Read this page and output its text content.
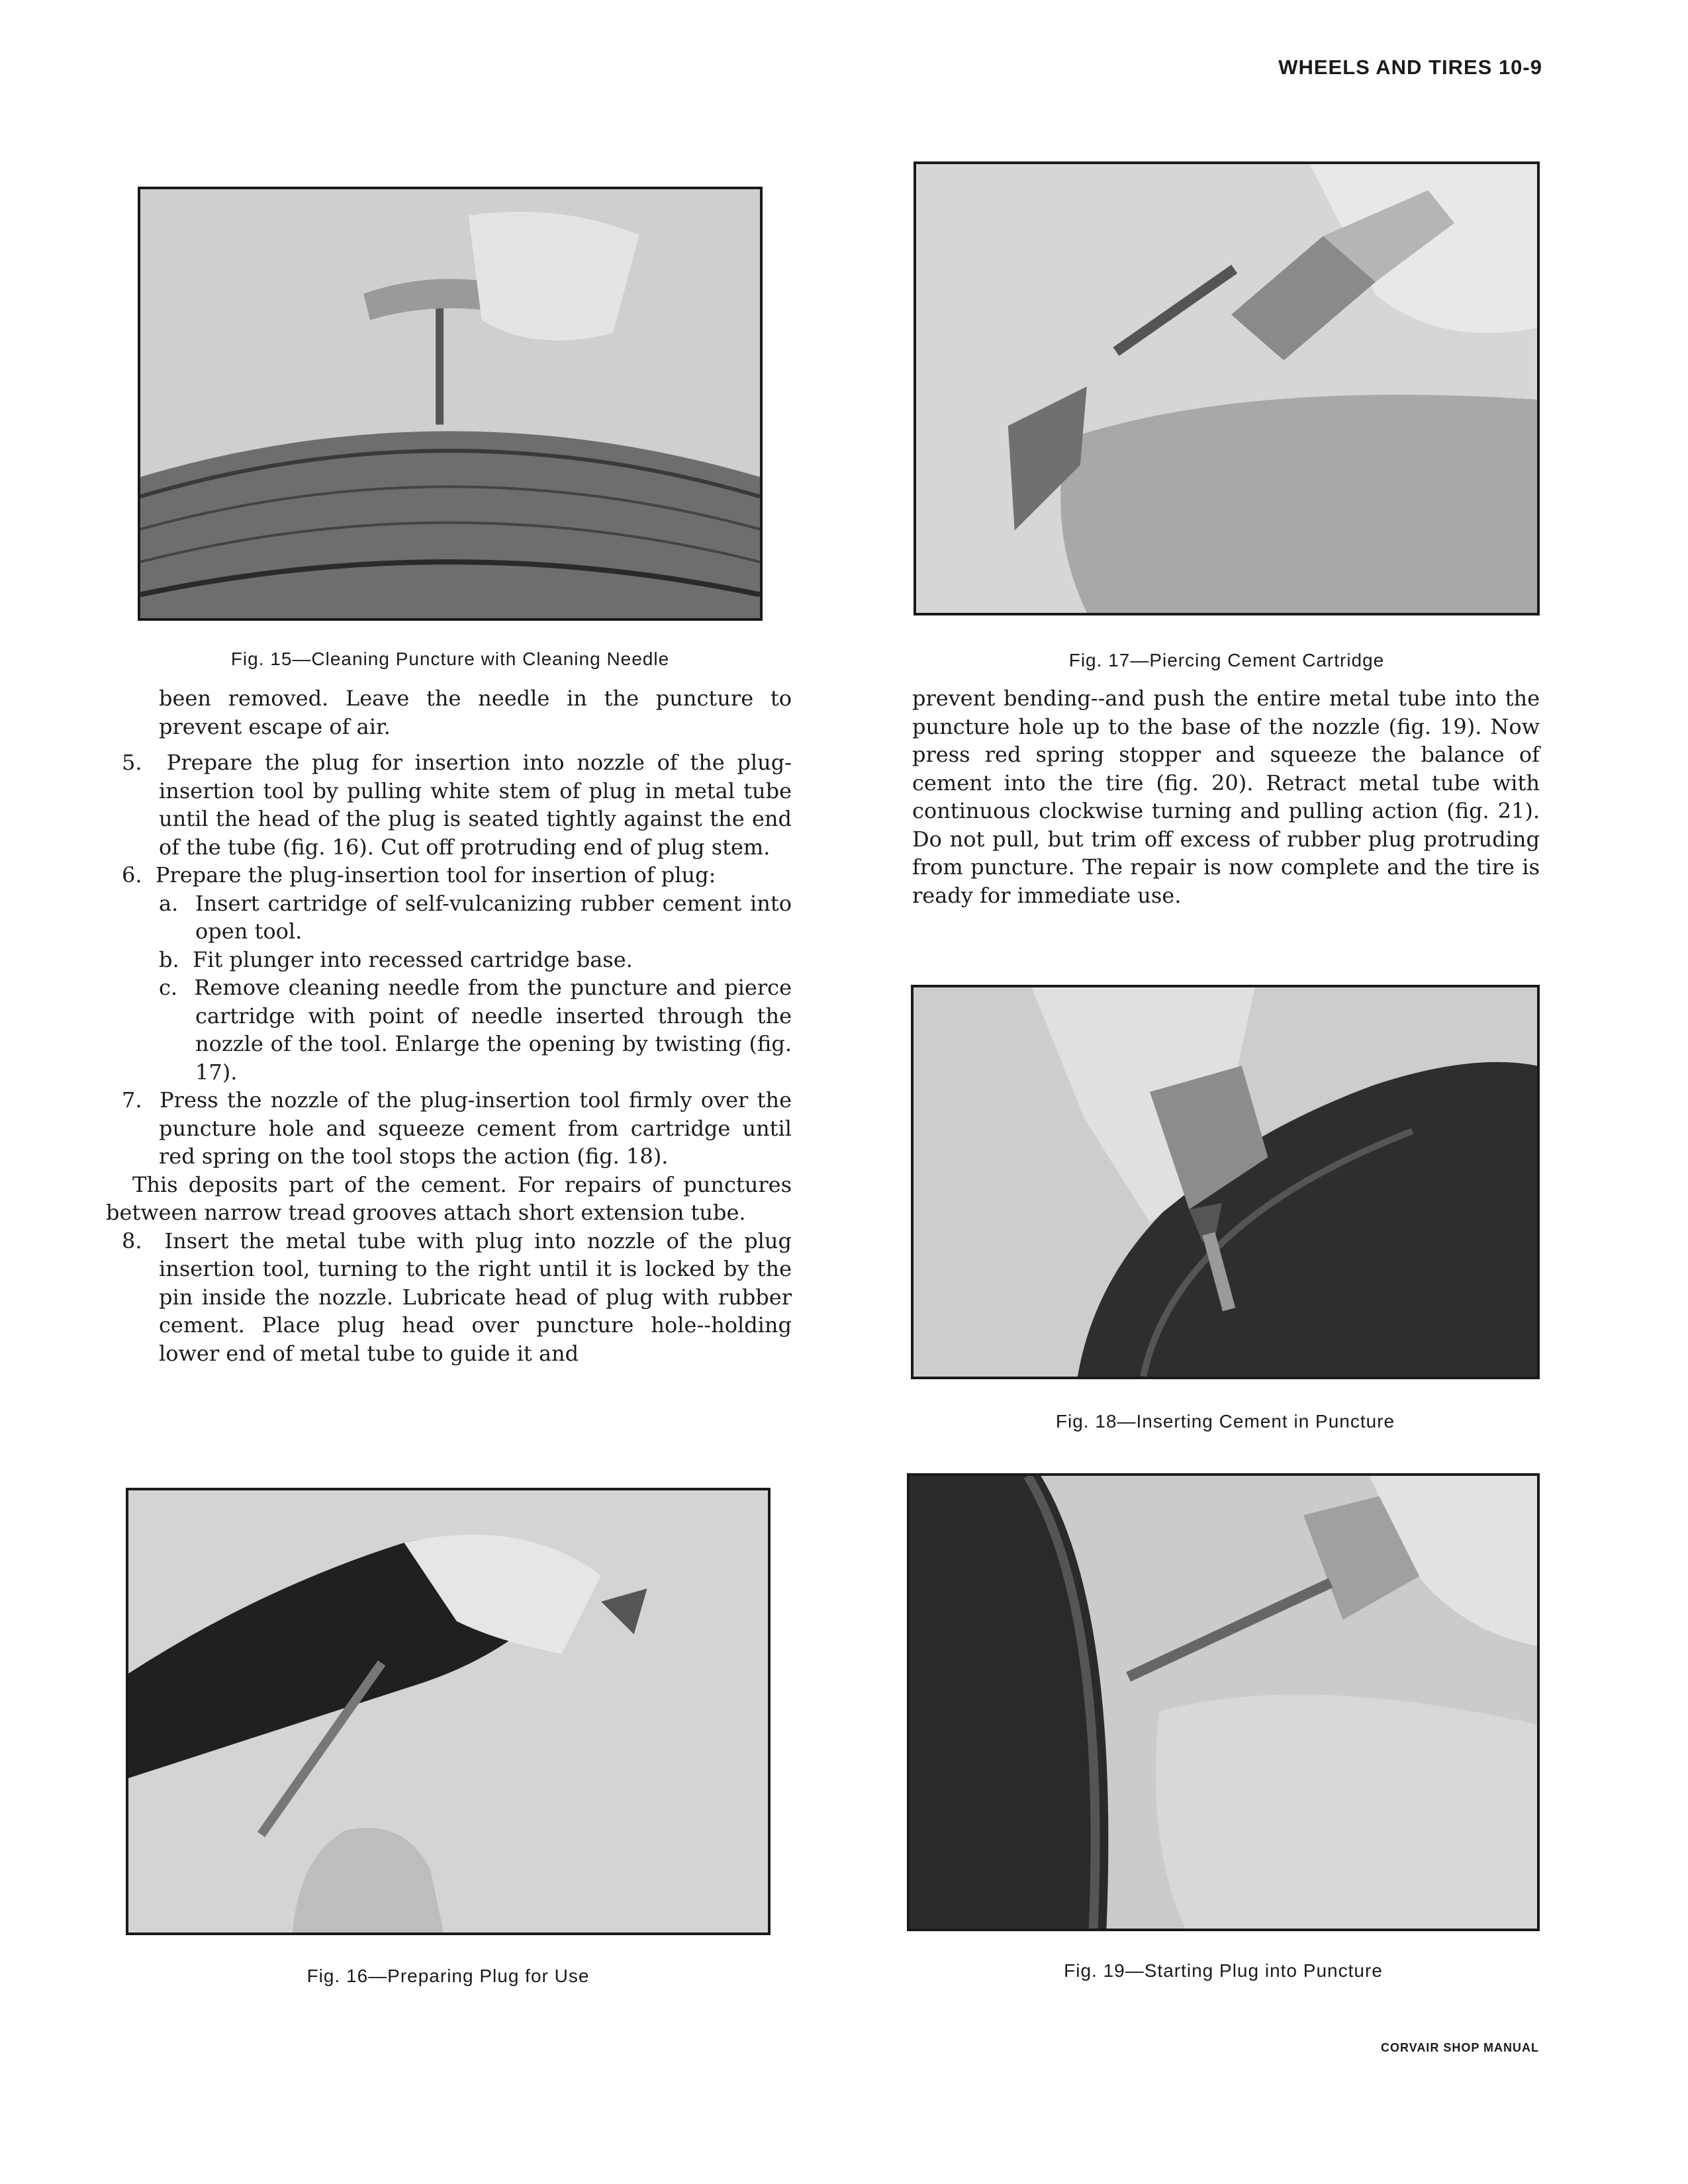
WHEELS AND TIRES 10-9
Fig. 15—Cleaning Puncture with Cleaning Needle	Fig. 17—Piercing Cement Cartridge

been removed. Leave the needle in the puncture to prevent escape of air.

5. Prepare the plug for insertion into nozzle of the plug-insertion tool by pulling white stem of plug in metal tube until the head of the plug is seated tightly against the end of the tube (fig. 16). Cut off protruding end of plug stem.

6. Prepare the plug-insertion tool for insertion of plug:

a. Insert cartridge of self-vulcanizing rubber cement into open tool.

b. Fit plunger into recessed cartridge base.

c. Remove cleaning needle from the puncture and pierce cartridge with point of needle inserted through the nozzle of the tool. Enlarge the opening by twisting (fig. 17).

7. Press the nozzle of the plug-insertion tool firmly over the puncture hole and squeeze cement from cartridge until red spring on the tool stops the action (fig. 18).

This deposits part of the cement. For repairs of punctures between narrow tread grooves attach short extension tube.

8. Insert the metal tube with plug into nozzle of the plug insertion tool, turning to the right until it is locked by the pin inside the nozzle. Lubricate head of plug with rubber cement. Place plug head over puncture hole--holding lower end of metal tube to guide it and

prevent bending--and push the entire metal tube into the puncture hole up to the base of the nozzle (fig. 19). Now press red spring stopper and squeeze the balance of cement into the tire (fig. 20). Retract metal tube with continuous clockwise turning and pulling action (fig. 21). Do not pull, but trim off excess of rubber plug protruding from puncture. The repair is now complete and the tire is ready for immediate use.

Fig. 18—Inserting Cement in Puncture
Fig. 16—Preparing Plug for Use	Fig. 19—Starting Plug into Puncture
CORVAIR SHOP MANUAL
